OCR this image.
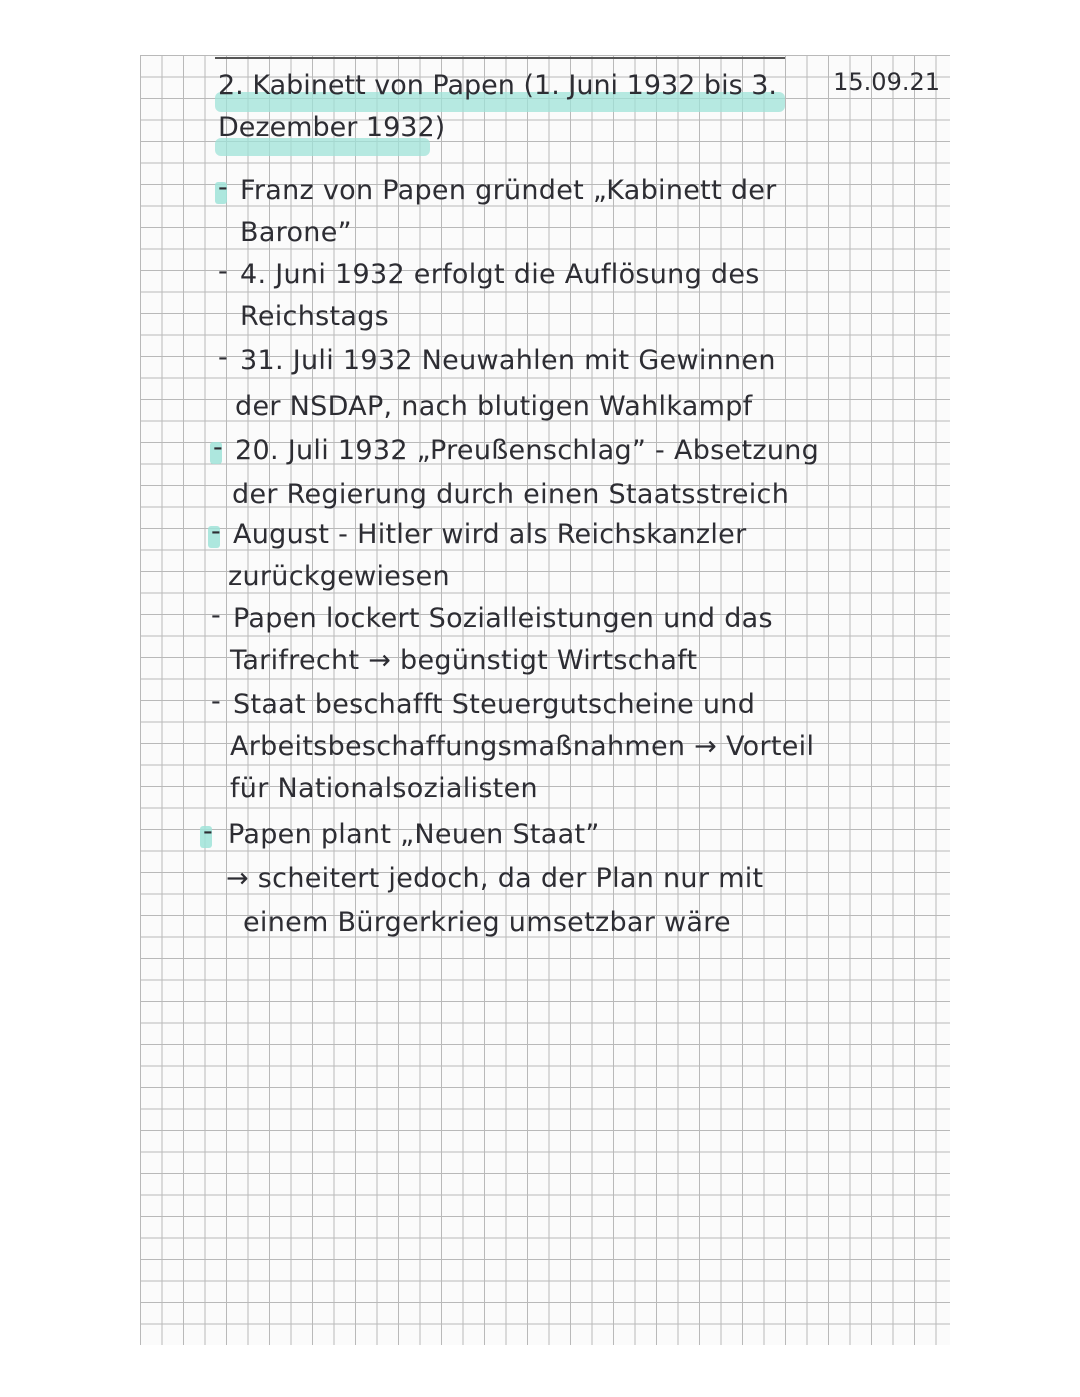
2. Kabinett von Papen (1. Juni 1932 bis 3.
Dezember 1932)
15.09.21
- Franz von Papen gründet „Kabinett der
Barone”
- 4. Juni 1932 erfolgt die Auflösung des
Reichstags
- 31. Juli 1932 Neuwahlen mit Gewinnen
der NSDAP, nach blutigen Wahlkampf
- 20. Juli 1932 „Preußenschlag” - Absetzung
der Regierung durch einen Staatsstreich
- August - Hitler wird als Reichskanzler
zurückgewiesen
- Papen lockert Sozialleistungen und das
Tarifrecht → begünstigt Wirtschaft
- Staat beschafft Steuergutscheine und
Arbeitsbeschaffungsmaßnahmen → Vorteil
für Nationalsozialisten
- Papen plant „Neuen Staat”
→ scheitert jedoch, da der Plan nur mit
einem Bürgerkrieg umsetzbar wäre
